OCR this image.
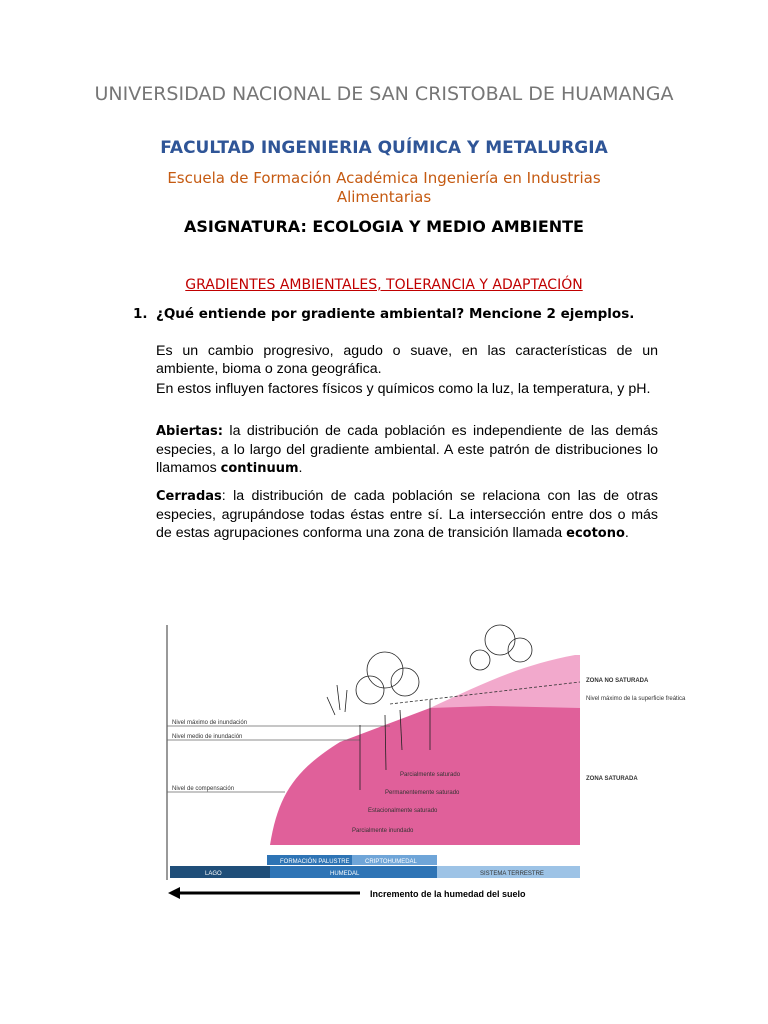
UNIVERSIDAD NACIONAL DE SAN CRISTOBAL DE HUAMANGA
FACULTAD INGENIERIA QUÍMICA Y METALURGIA
Escuela de Formación Académica Ingeniería en Industrias Alimentarias
ASIGNATURA: ECOLOGIA Y MEDIO AMBIENTE
GRADIENTES AMBIENTALES, TOLERANCIA Y ADAPTACIÓN
1. ¿Qué entiende por gradiente ambiental? Mencione 2 ejemplos.
Es un cambio progresivo, agudo o suave, en las características de un ambiente, bioma o zona geográfica.
En estos influyen factores físicos y químicos como la luz, la temperatura, y pH.
Abiertas: la distribución de cada población es independiente de las demás especies, a lo largo del gradiente ambiental. A este patrón de distribuciones lo llamamos continuum.
Cerradas: la distribución de cada población se relaciona con las de otras especies, agrupándose todas éstas entre sí. La intersección entre dos o más de estas agrupaciones conforma una zona de transición llamada ecotono.
Nivel máximo de inundación
Nivel medio de inundación
Nivel de compensación
Parcialmente saturado
Permanentemente saturado
Estacionalmente saturado
Parcialmente inundado
ZONA NO SATURADA
Nivel máximo de la superficie freática
ZONA SATURADA
FORMACIÓN PALUSTRE	CRIPTOHUMEDAL
LAGO	HUMEDAL	SISTEMA TERRESTRE
Incremento de la humedad del suelo
